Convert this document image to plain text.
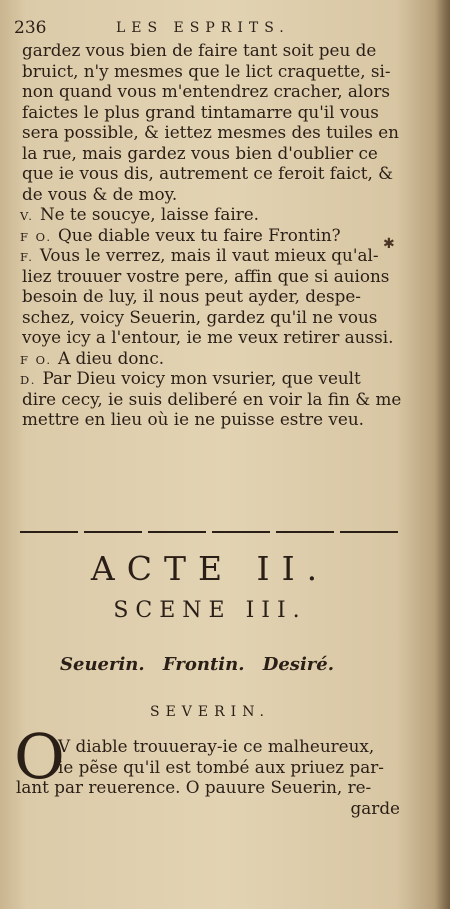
236	LES ESPRITS.
gardez vous bien de faire tant soit peu de
bruict, n'y mesmes que le lict craquette, si-
non quand vous m'entendrez cracher, alors
faictes le plus grand tintamarre qu'il vous
sera possible, & iettez mesmes des tuiles en
la rue, mais gardez vous bien d'oublier ce
que ie vous dis, autrement ce feroit faict, &
de vous & de moy.
V. Ne te soucye, laisse faire.
F O. Que diable veux tu faire Frontin?
F. Vous le verrez, mais il vaut mieux qu'al-
liez trouuer vostre pere, affin que si auions
besoin de luy, il nous peut ayder, despe-
schez, voicy Seuerin, gardez qu'il ne vous
voye icy a l'entour, ie me veux retirer aussi.
F O. A dieu donc.
D. Par Dieu voicy mon vsurier, que veult
dire cecy, ie suis deliberé en voir la fin & me
mettre en lieu où ie ne puisse estre veu.
✱
ACTE II.
SCENE III.
Seuerin. Frontin. Desiré.
SEVERIN.
O
V diable trouueray-ie ce malheureux,
ie pẽse qu'il est tombé aux priuez par-
lant par reuerence. O pauure Seuerin, re-
garde
